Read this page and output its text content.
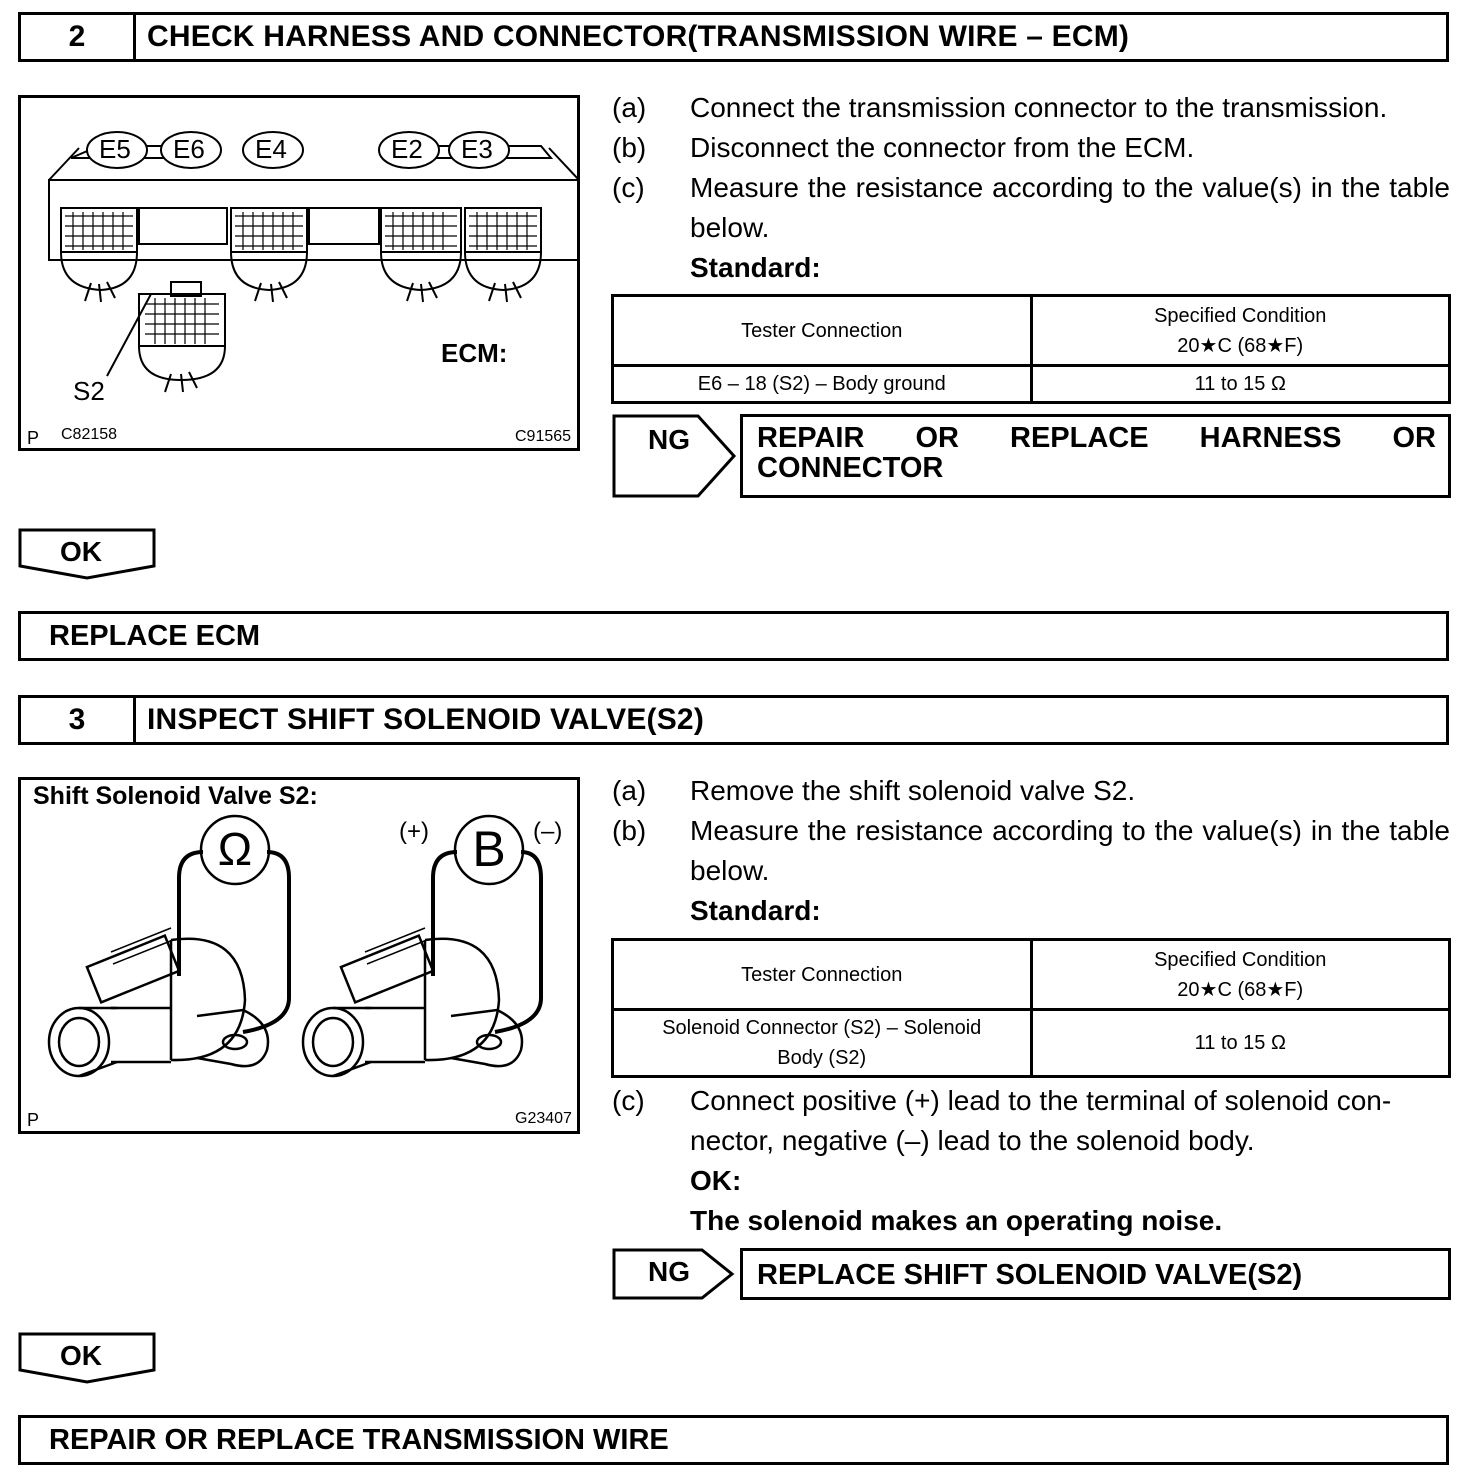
2	CHECK HARNESS AND CONNECTOR(TRANSMISSION WIRE – ECM)
E5 E6 E4	E2 E3
ECM:
S2
P C82158	C91565
(a)	Connect the transmission connector to the transmission.
(b)	Disconnect the connector from the ECM.
(c)	Measure the resistance according to the value(s) in the table below.
Standard:
Tester Connection	Specified Condition
20★C (68★F)

E6 – 18 (S2) – Body ground	11 to 15 Ω
NG REPAIR OR REPLACE HARNESS OR
CONNECTOR
OK
REPLACE ECM
3	INSPECT SHIFT SOLENOID VALVE(S2)
Shift Solenoid Valve S2:
Ω	B
(+)	(–)
P	G23407
(a)	Remove the shift solenoid valve S2.
(b)	Measure the resistance according to the value(s) in the table below.
Standard:
Tester Connection	Specified Condition
20★C (68★F)

Solenoid Connector (S2) – Solenoid
Body (S2)	11 to 15 Ω
(c)	Connect positive (+) lead to the terminal of solenoid con-
nector, negative (–) lead to the solenoid body.
OK:
The solenoid makes an operating noise.
NG	REPLACE SHIFT SOLENOID VALVE(S2)
OK
REPAIR OR REPLACE TRANSMISSION WIRE
